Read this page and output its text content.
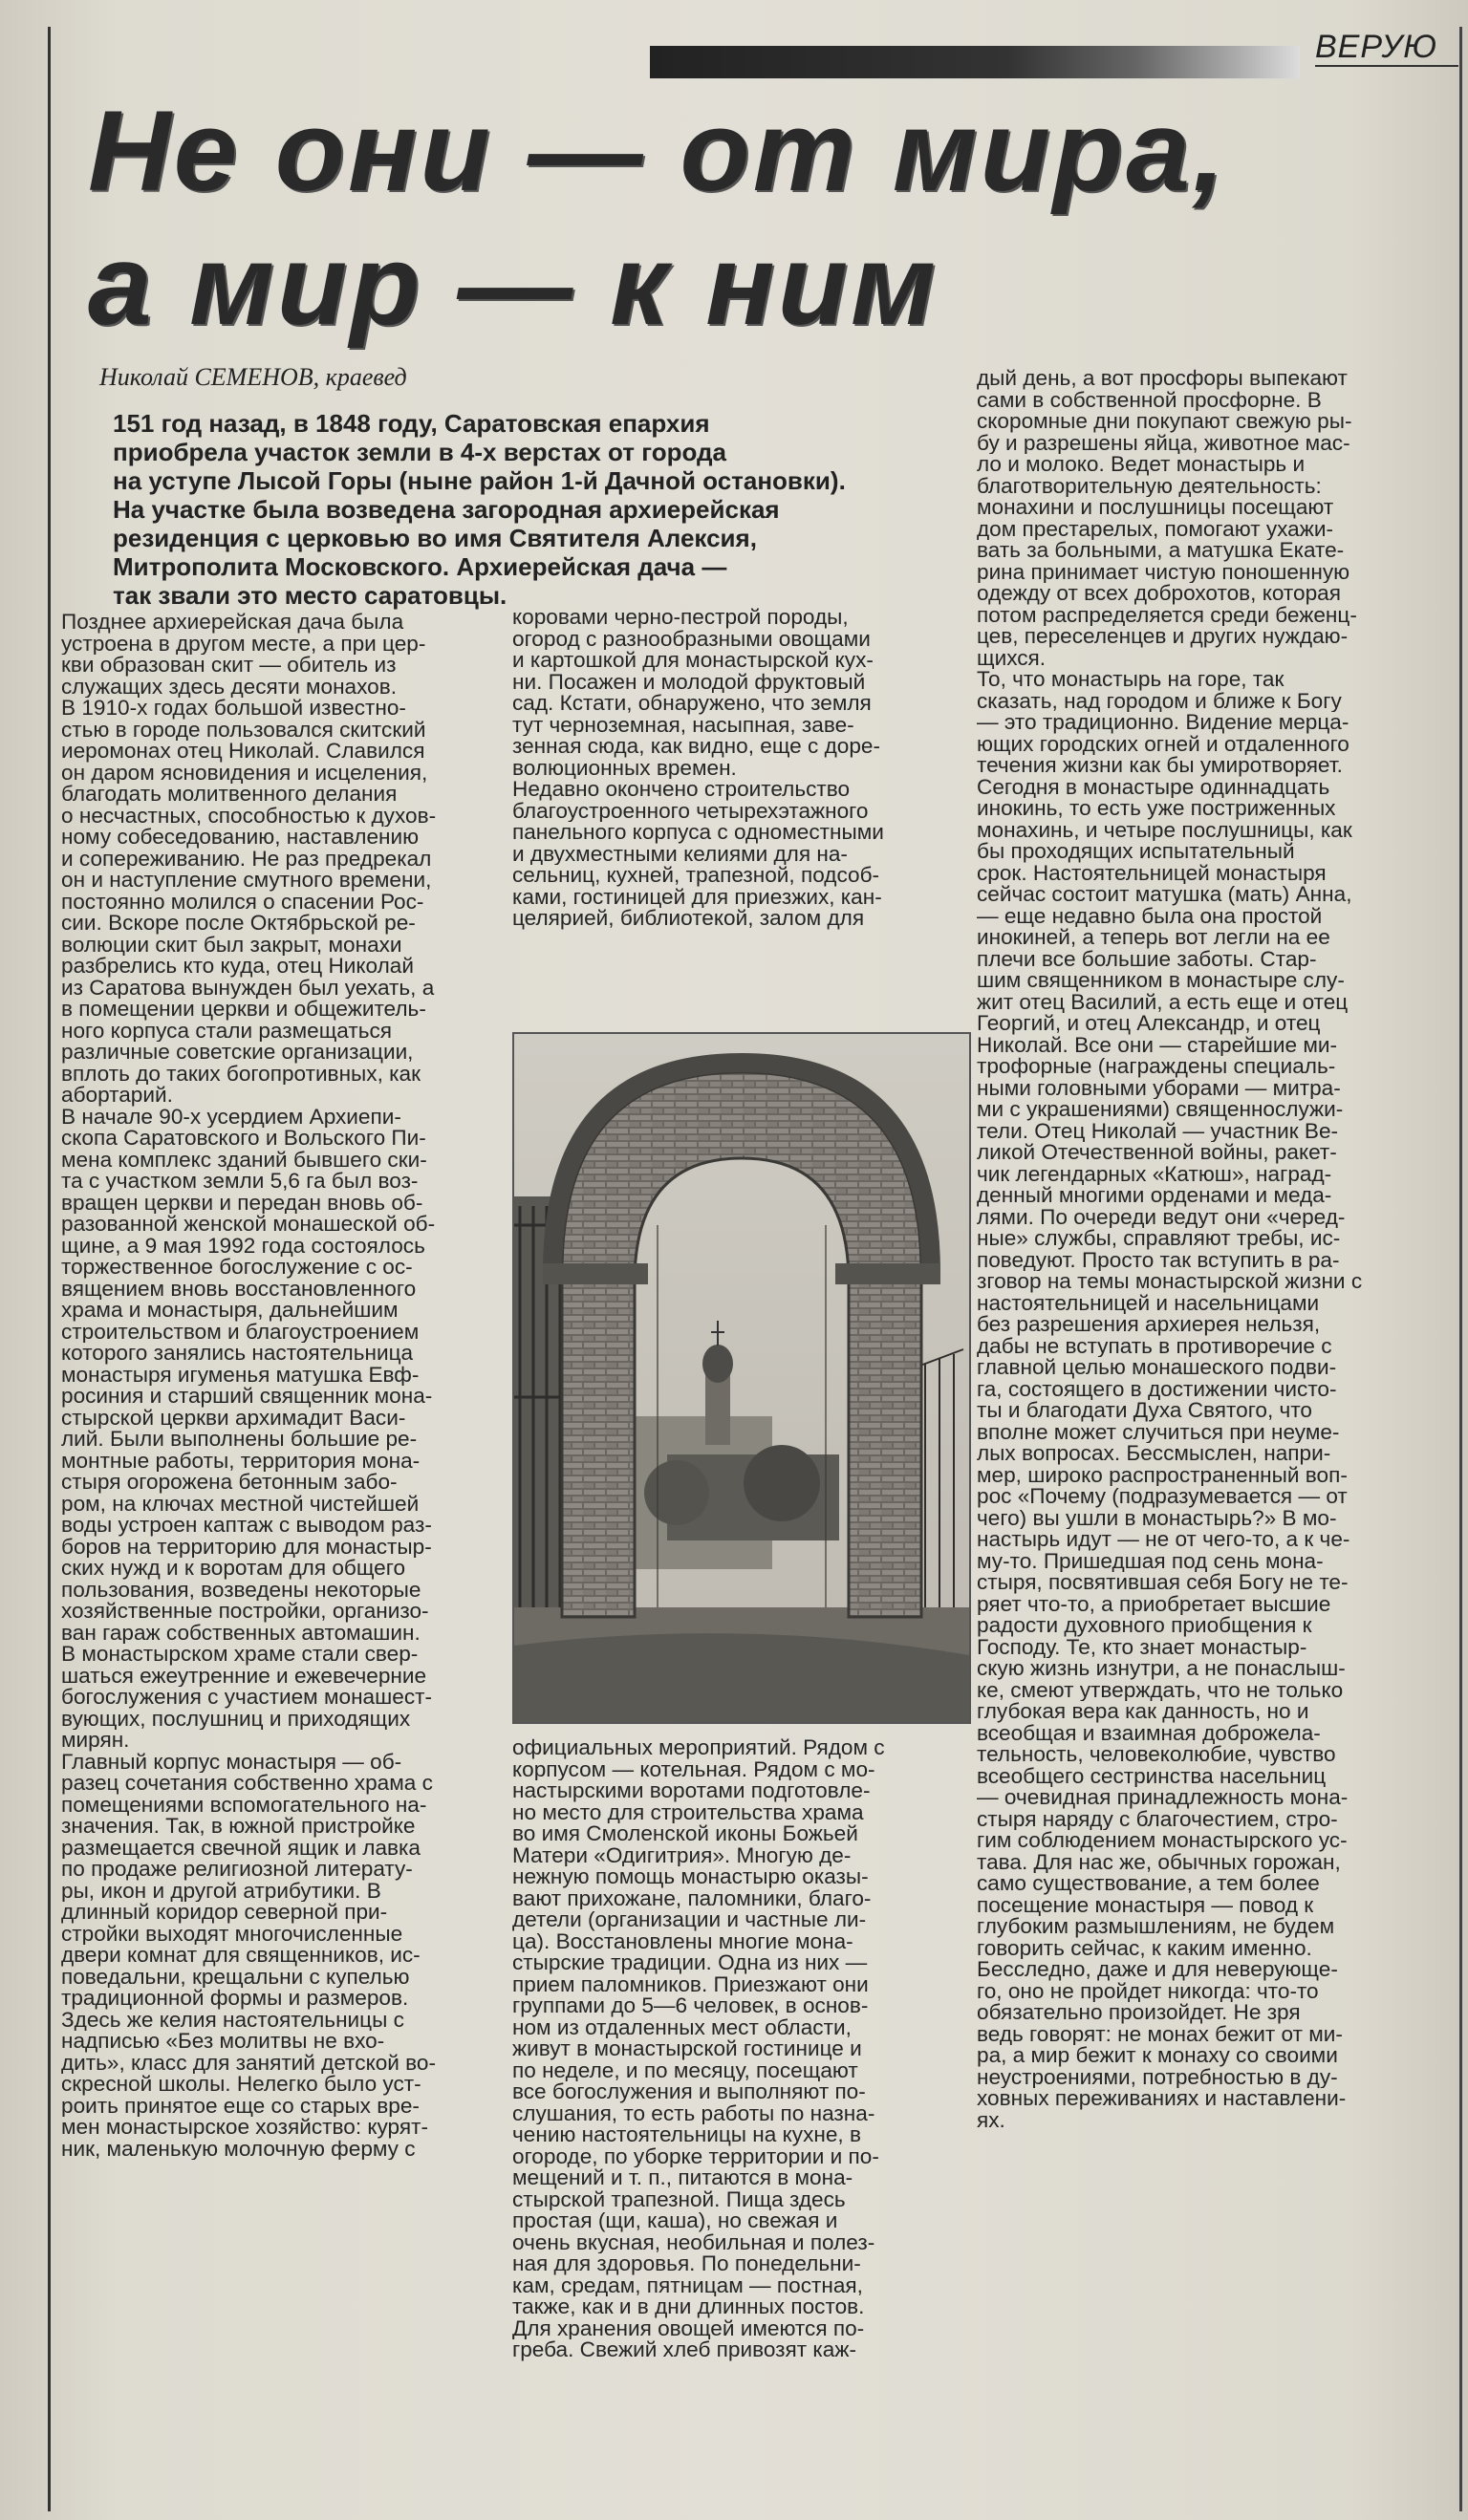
ВЕРУЮ
Не они — от мира,
а мир — к ним
Николай СЕМЕНОВ, краевед
151 год назад, в 1848 году, Саратовская епархия
приобрела участок земли в 4-х верстах от города
на уступе Лысой Горы (ныне район 1-й Дачной остановки).
На участке была возведена загородная архиерейская
резиденция с церковью во имя Святителя Алексия,
Митрополита Московского. Архиерейская дача —
так звали это место саратовцы.
Позднее архиерейская дача была
устроена в другом месте, а при цер-
кви образован скит — обитель из
служащих здесь десяти монахов.
В 1910-х годах большой известно-
стью в городе пользовался скитский
иеромонах отец Николай. Славился
он даром ясновидения и исцеления,
благодать молитвенного делания
о несчастных, способностью к духов-
ному собеседованию, наставлению
и сопереживанию. Не раз предрекал
он и наступление смутного времени,
постоянно молился о спасении Рос-
сии. Вскоре после Октябрьской ре-
волюции скит был закрыт, монахи
разбрелись кто куда, отец Николай
из Саратова вынужден был уехать, а
в помещении церкви и общежитель-
ного корпуса стали размещаться
различные советские организации,
вплоть до таких богопротивных, как
абортарий.
В начале 90-х усердием Архиепи-
скопа Саратовского и Вольского Пи-
мена комплекс зданий бывшего ски-
та с участком земли 5,6 га был воз-
вращен церкви и передан вновь об-
разованной женской монашеской об-
щине, а 9 мая 1992 года состоялось
торжественное богослужение с ос-
вящением вновь восстановленного
храма и монастыря, дальнейшим
строительством и благоустроением
которого занялись настоятельница
монастыря игуменья матушка Евф-
росиния и старший священник мона-
стырской церкви архимадит Васи-
лий. Были выполнены большие ре-
монтные работы, территория мона-
стыря огорожена бетонным забо-
ром, на ключах местной чистейшей
воды устроен каптаж с выводом раз-
боров на территорию для монастыр-
ских нужд и к воротам для общего
пользования, возведены некоторые
хозяйственные постройки, организо-
ван гараж собственных автомашин.
В монастырском храме стали свер-
шаться ежеутренние и ежевечерние
богослужения с участием монашест-
вующих, послушниц и приходящих
мирян.
Главный корпус монастыря — об-
разец сочетания собственно храма с
помещениями вспомогательного на-
значения. Так, в южной пристройке
размещается свечной ящик и лавка
по продаже религиозной литерату-
ры, икон и другой атрибутики. В
длинный коридор северной при-
стройки выходят многочисленные
двери комнат для священников, ис-
поведальни, крещальни с купелью
традиционной формы и размеров.
Здесь же келия настоятельницы с
надписью «Без молитвы не вхо-
дить», класс для занятий детской во-
скресной школы. Нелегко было уст-
роить принятое еще со старых вре-
мен монастырское хозяйство: курят-
ник, маленькую молочную ферму с
коровами черно-пестрой породы,
огород с разнообразными овощами
и картошкой для монастырской кух-
ни. Посажен и молодой фруктовый
сад. Кстати, обнаружено, что земля
тут черноземная, насыпная, заве-
зенная сюда, как видно, еще с доре-
волюционных времен.
Недавно окончено строительство
благоустроенного четырехэтажного
панельного корпуса с одноместными
и двухместными келиями для на-
сельниц, кухней, трапезной, подсоб-
ками, гостиницей для приезжих, кан-
целярией, библиотекой, залом для
официальных мероприятий. Рядом с
корпусом — котельная. Рядом с мо-
настырскими воротами подготовле-
но место для строительства храма
во имя Смоленской иконы Божьей
Матери «Одигитрия». Многую де-
нежную помощь монастырю оказы-
вают прихожане, паломники, благо-
детели (организации и частные ли-
ца). Восстановлены многие мона-
стырские традиции. Одна из них —
прием паломников. Приезжают они
группами до 5—6 человек, в основ-
ном из отдаленных мест области,
живут в монастырской гостинице и
по неделе, и по месяцу, посещают
все богослужения и выполняют по-
слушания, то есть работы по назна-
чению настоятельницы на кухне, в
огороде, по уборке территории и по-
мещений и т. п., питаются в мона-
стырской трапезной. Пища здесь
простая (щи, каша), но свежая и
очень вкусная, необильная и полез-
ная для здоровья. По понедельни-
кам, средам, пятницам — постная,
также, как и в дни длинных постов.
Для хранения овощей имеются по-
греба. Свежий хлеб привозят каж-
дый день, а вот просфоры выпекают
сами в собственной просфорне. В
скоромные дни покупают свежую ры-
бу и разрешены яйца, животное мас-
ло и молоко. Ведет монастырь и
благотворительную деятельность:
монахини и послушницы посещают
дом престарелых, помогают ухажи-
вать за больными, а матушка Екате-
рина принимает чистую поношенную
одежду от всех доброхотов, которая
потом распределяется среди беженц-
цев, переселенцев и других нуждаю-
щихся.
То, что монастырь на горе, так
сказать, над городом и ближе к Богу
— это традиционно. Видение мерца-
ющих городских огней и отдаленного
течения жизни как бы умиротворяет.
Сегодня в монастыре одиннадцать
инокинь, то есть уже постриженных
монахинь, и четыре послушницы, как
бы проходящих испытательный
срок. Настоятельницей монастыря
сейчас состоит матушка (мать) Анна,
— еще недавно была она простой
инокиней, а теперь вот легли на ее
плечи все большие заботы. Стар-
шим священником в монастыре слу-
жит отец Василий, а есть еще и отец
Георгий, и отец Александр, и отец
Николай. Все они — старейшие ми-
трофорные (награждены специаль-
ными головными уборами — митра-
ми с украшениями) священнослужи-
тели. Отец Николай — участник Ве-
ликой Отечественной войны, ракет-
чик легендарных «Катюш», наград-
денный многими орденами и меда-
лями. По очереди ведут они «черед-
ные» службы, справляют требы, ис-
поведуют. Просто так вступить в ра-
зговор на темы монастырской жизни с
настоятельницей и насельницами
без разрешения архиерея нельзя,
дабы не вступать в противоречие с
главной целью монашеского подви-
га, состоящего в достижении чисто-
ты и благодати Духа Святого, что
вполне может случиться при неуме-
лых вопросах. Бессмыслен, напри-
мер, широко распространенный воп-
рос «Почему (подразумевается — от
чего) вы ушли в монастырь?» В мо-
настырь идут — не от чего-то, а к че-
му-то. Пришедшая под сень мона-
стыря, посвятившая себя Богу не те-
ряет что-то, а приобретает высшие
радости духовного приобщения к
Господу. Те, кто знает монастыр-
скую жизнь изнутри, а не понаслыш-
ке, смеют утверждать, что не только
глубокая вера как данность, но и
всеобщая и взаимная доброжела-
тельность, человеколюбие, чувство
всеобщего сестринства насельниц
— очевидная принадлежность мона-
стыря наряду с благочестием, стро-
гим соблюдением монастырского ус-
тава. Для нас же, обычных горожан,
само существование, а тем более
посещение монастыря — повод к
глубоким размышлениям, не будем
говорить сейчас, к каким именно.
Бесследно, даже и для неверующе-
го, оно не пройдет никогда: что-то
обязательно произойдет. Не зря
ведь говорят: не монах бежит от ми-
ра, а мир бежит к монаху со своими
неустроениями, потребностью в ду-
ховных переживаниях и наставлени-
ях.
